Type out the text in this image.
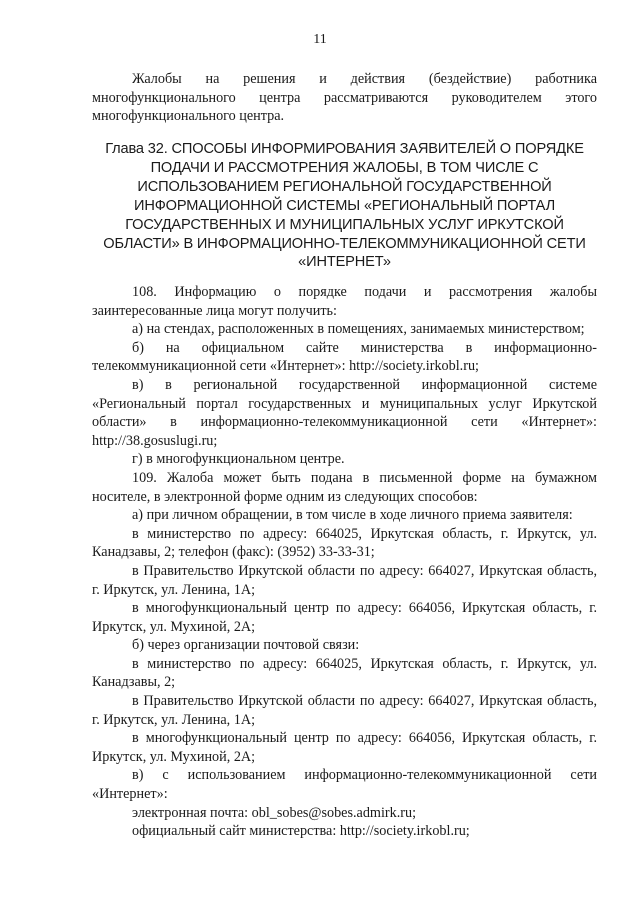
11

Жалобы на решения и действия (бездействие) работника многофункционального центра рассматриваются руководителем этого многофункционального центра.

Глава 32. СПОСОБЫ ИНФОРМИРОВАНИЯ ЗАЯВИТЕЛЕЙ О ПОРЯДКЕ ПОДАЧИ И РАССМОТРЕНИЯ ЖАЛОБЫ, В ТОМ ЧИСЛЕ С ИСПОЛЬЗОВАНИЕМ РЕГИОНАЛЬНОЙ ГОСУДАРСТВЕННОЙ ИНФОРМАЦИОННОЙ СИСТЕМЫ «РЕГИОНАЛЬНЫЙ ПОРТАЛ ГОСУДАРСТВЕННЫХ И МУНИЦИПАЛЬНЫХ УСЛУГ ИРКУТСКОЙ ОБЛАСТИ» В ИНФОРМАЦИОННО-ТЕЛЕКОММУНИКАЦИОННОЙ СЕТИ «ИНТЕРНЕТ»

108. Информацию о порядке подачи и рассмотрения жалобы заинтересованные лица могут получить:

а) на стендах, расположенных в помещениях, занимаемых министерством;

б) на официальном сайте министерства в информационно-телекоммуникационной сети «Интернет»: http://society.irkobl.ru;

в) в региональной государственной информационной системе «Региональный портал государственных и муниципальных услуг Иркутской области» в информационно-телекоммуникационной сети «Интернет»: http://38.gosuslugi.ru;

г) в многофункциональном центре.

109. Жалоба может быть подана в письменной форме на бумажном носителе, в электронной форме одним из следующих способов:

а) при личном обращении, в том числе в ходе личного приема заявителя:

в министерство по адресу: 664025, Иркутская область, г. Иркутск, ул. Канадзавы, 2; телефон (факс): (3952) 33-33-31;

в Правительство Иркутской области по адресу: 664027, Иркутская область, г. Иркутск, ул. Ленина, 1А;

в многофункциональный центр по адресу: 664056, Иркутская область, г. Иркутск, ул. Мухиной, 2А;

б) через организации почтовой связи:

в министерство по адресу: 664025, Иркутская область, г. Иркутск, ул. Канадзавы, 2;

в Правительство Иркутской области по адресу: 664027, Иркутская область, г. Иркутск, ул. Ленина, 1А;

в многофункциональный центр по адресу: 664056, Иркутская область, г. Иркутск, ул. Мухиной, 2А;

в) с использованием информационно-телекоммуникационной сети «Интернет»:

электронная почта: obl_sobes@sobes.admirk.ru;

официальный сайт министерства: http://society.irkobl.ru;
